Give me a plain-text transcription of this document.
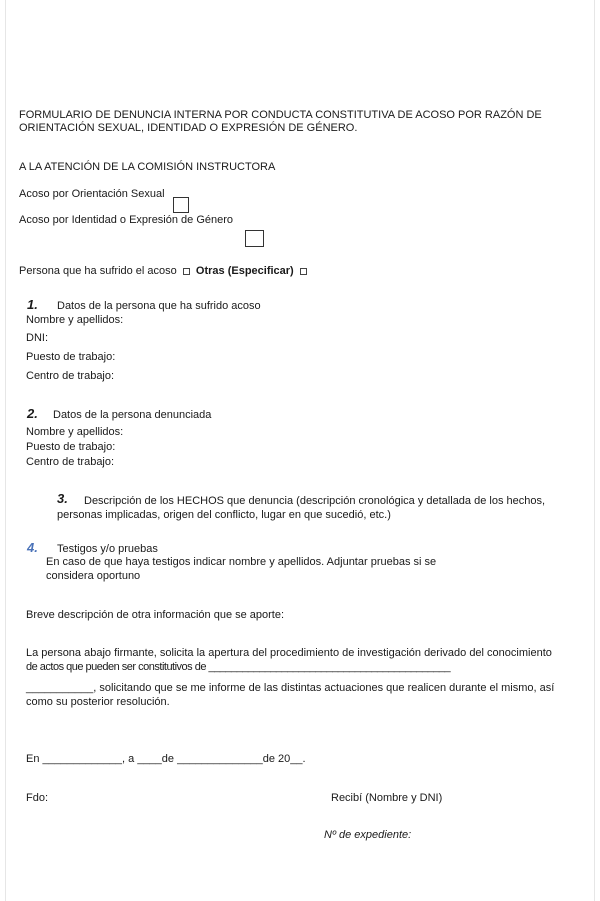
FORMULARIO DE DENUNCIA INTERNA POR CONDUCTA CONSTITUTIVA DE ACOSO POR RAZÓN DE
ORIENTACIÓN SEXUAL, IDENTIDAD O EXPRESIÓN DE GÉNERO.
A LA ATENCIÓN DE LA COMISIÓN INSTRUCTORA
Acoso por Orientación Sexual
Acoso por Identidad o Expresión de Género
Persona que ha sufrido el acoso Otras (Especificar)
1. Datos de la persona que ha sufrido acoso
Nombre y apellidos:
DNI:
Puesto de trabajo:
Centro de trabajo:
2. Datos de la persona denunciada
Nombre y apellidos:
Puesto de trabajo:
Centro de trabajo:
3. Descripción de los HECHOS que denuncia (descripción cronológica y detallada de los hechos,
personas implicadas, origen del conflicto, lugar en que sucedió, etc.)
4. Testigos y/o pruebas
En caso de que haya testigos indicar nombre y apellidos. Adjuntar pruebas si se
considera oportuno
Breve descripción de otra información que se aporte:
La persona abajo firmante, solicita la apertura del procedimiento de investigación derivado del conocimiento
de actos que pueden ser constitutivos de ___________________________________________
___________, solicitando que se me informe de las distintas actuaciones que realicen durante el mismo, así
como su posterior resolución.
En _____________, a ____de ______________de 20__.
Fdo:	Recibí (Nombre y DNI)
Nº de expediente:
